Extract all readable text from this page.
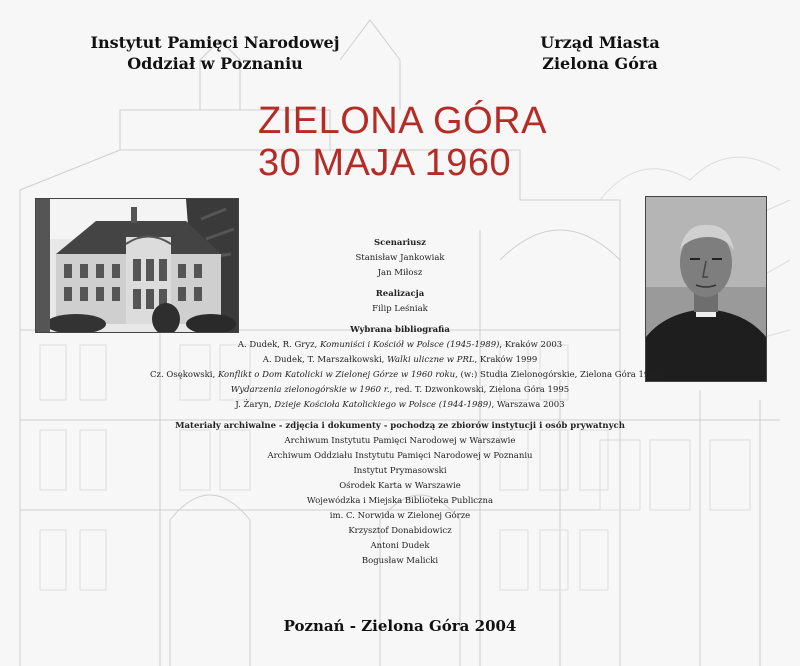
Instytut Pamięci Narodowej
Oddział w Poznaniu
Urząd Miasta
Zielona Góra
ZIELONA GÓRA
30 MAJA 1960
Scenariusz
Stanisław Jankowiak
Jan Miłosz
Realizacja
Filip Leśniak
Wybrana bibliografia
A. Dudek, R. Gryz, Komuniści i Kościół w Polsce (1945-1989), Kraków 2003
A. Dudek, T. Marszałkowski, Walki uliczne w PRL, Kraków 1999
Cz. Osękowski, Konflikt o Dom Katolicki w Zielonej Górze w 1960 roku, (w:) Studia Zielonogórskie, Zielona Góra 1995
Wydarzenia zielonogórskie w 1960 r., red. T. Dzwonkowski, Zielona Góra 1995
J. Żaryn, Dzieje Kościoła Katolickiego w Polsce (1944-1989), Warszawa 2003
Materiały archiwalne - zdjęcia i dokumenty - pochodzą ze zbiorów instytucji i osób prywatnych
Archiwum Instytutu Pamięci Narodowej w Warszawie
Archiwum Oddziału Instytutu Pamięci Narodowej w Poznaniu
Instytut Prymasowski
Ośrodek Karta w Warszawie
Wojewódzka i Miejska Biblioteka Publiczna
im. C. Norwida w Zielonej Górze
Krzysztof Donabidowicz
Antoni Dudek
Bogusław Malicki
Poznań - Zielona Góra 2004
